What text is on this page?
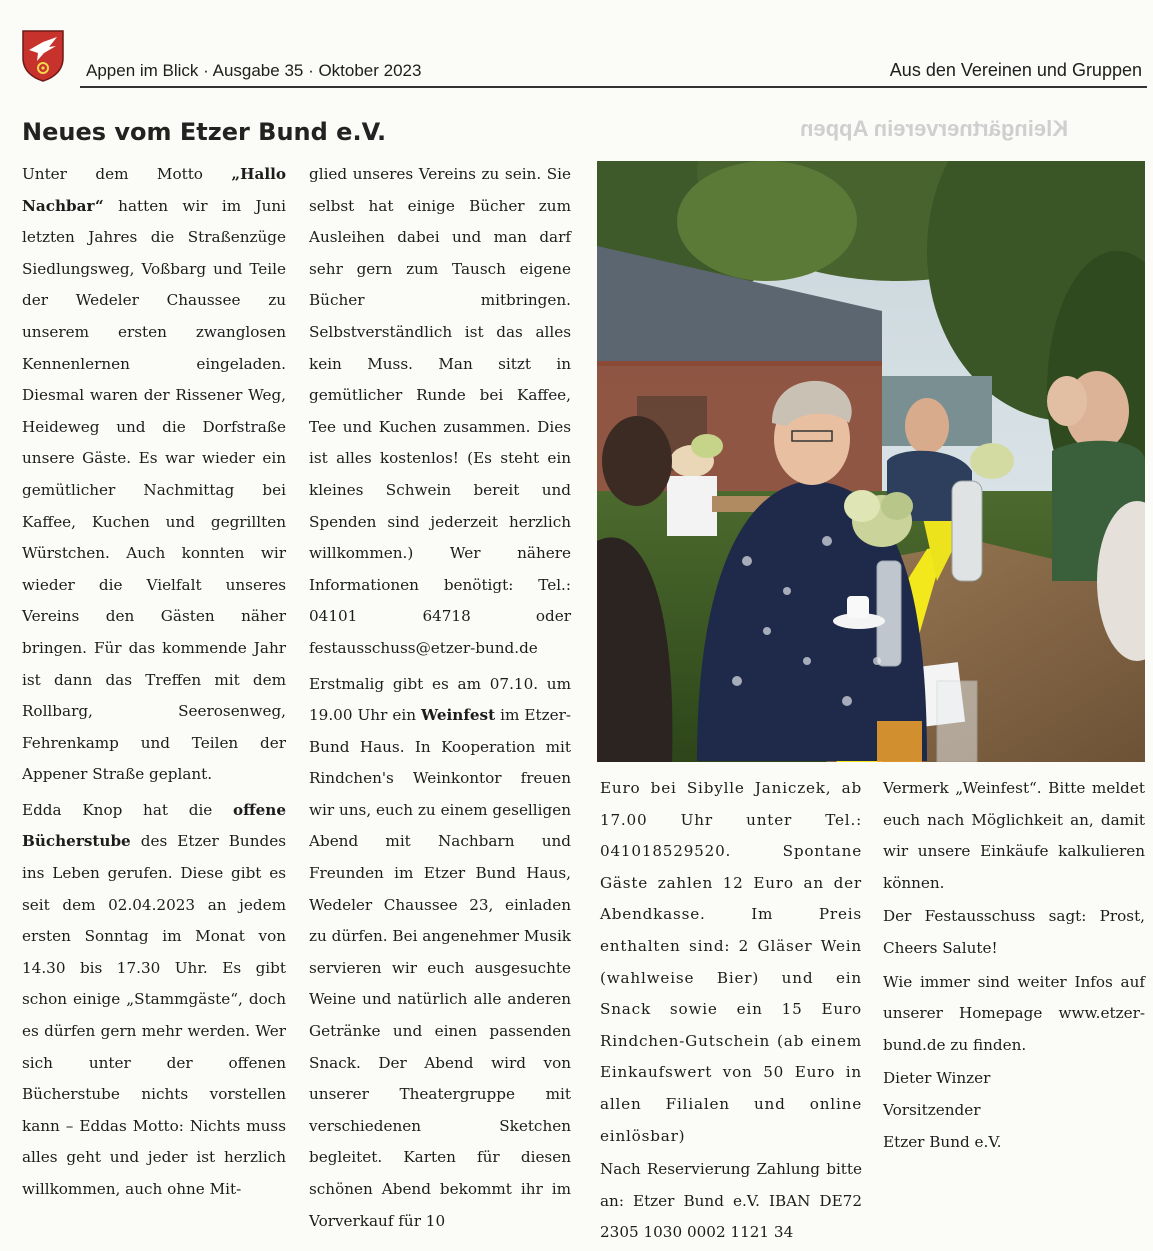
Appen im Blick · Ausgabe 35 · Oktober 2023	Aus den Vereinen und Gruppen
Kleingärtnerverein Appen
Neues vom Etzer Bund e.V.

Unter dem Motto „Hallo Nachbar“ hatten wir im Juni letzten Jahres die Straßenzüge Siedlungsweg, Voßbarg und Teile der Wedeler Chaussee zu unserem ersten zwanglosen Kennenlernen eingeladen. Diesmal waren der Rissener Weg, Heideweg und die Dorfstraße unsere Gäste. Es war wieder ein gemütlicher Nachmittag bei Kaffee, Kuchen und gegrillten Würstchen. Auch konnten wir wieder die Vielfalt unseres Vereins den Gästen näher bringen. Für das kommende Jahr ist dann das Treffen mit dem Rollbarg, Seerosenweg, Fehrenkamp und Teilen der Appener Straße geplant.

Edda Knop hat die offene Bücherstube des Etzer Bundes ins Leben gerufen. Diese gibt es seit dem 02.04.2023 an jedem ersten Sonntag im Monat von 14.30 bis 17.30 Uhr. Es gibt schon einige „Stammgäste“, doch es dürfen gern mehr werden. Wer sich unter der offenen Bücherstube nichts vorstellen kann – Eddas Motto: Nichts muss alles geht und jeder ist herzlich willkommen, auch ohne Mit-

glied unseres Vereins zu sein. Sie selbst hat einige Bücher zum Ausleihen dabei und man darf sehr gern zum Tausch eigene Bücher mitbringen. Selbstverständlich ist das alles kein Muss. Man sitzt in gemütlicher Runde bei Kaffee, Tee und Kuchen zusammen. Dies ist alles kostenlos! (Es steht ein kleines Schwein bereit und Spenden sind jederzeit herzlich willkommen.) Wer nähere Informationen benötigt: Tel.: 04101 64718 oder festausschuss@etzer-bund.de

Erstmalig gibt es am 07.10. um 19.00 Uhr ein Weinfest im Etzer-Bund Haus. In Kooperation mit Rindchen's Weinkontor freuen wir uns, euch zu einem geselligen Abend mit Nachbarn und Freunden im Etzer Bund Haus, Wedeler Chaussee 23, einladen zu dürfen. Bei angenehmer Musik servieren wir euch ausgesuchte Weine und natürlich alle anderen Getränke und einen passenden Snack. Der Abend wird von unserer Theatergruppe mit verschiedenen Sketchen begleitet. Karten für diesen schönen Abend bekommt ihr im Vorverkauf für 10

Euro bei Sibylle Janiczek, ab 17.00 Uhr unter Tel.: 041018529520. Spontane Gäste zahlen 12 Euro an der Abendkasse. Im Preis enthalten sind: 2 Gläser Wein (wahlweise Bier) und ein Snack sowie ein 15 Euro Rindchen-Gutschein (ab einem Einkaufswert von 50 Euro in allen Filialen und online einlösbar)

Nach Reservierung Zahlung bitte an: Etzer Bund e.V. IBAN DE72 2305 1030 0002 1121 34

Vermerk „Weinfest“. Bitte meldet euch nach Möglichkeit an, damit wir unsere Einkäufe kalkulieren können.

Der Festausschuss sagt: Prost, Cheers Salute!

Wie immer sind weiter Infos auf unserer Homepage www.etzer-bund.de zu finden.

Dieter Winzer
Vorsitzender
Etzer Bund e.V.
